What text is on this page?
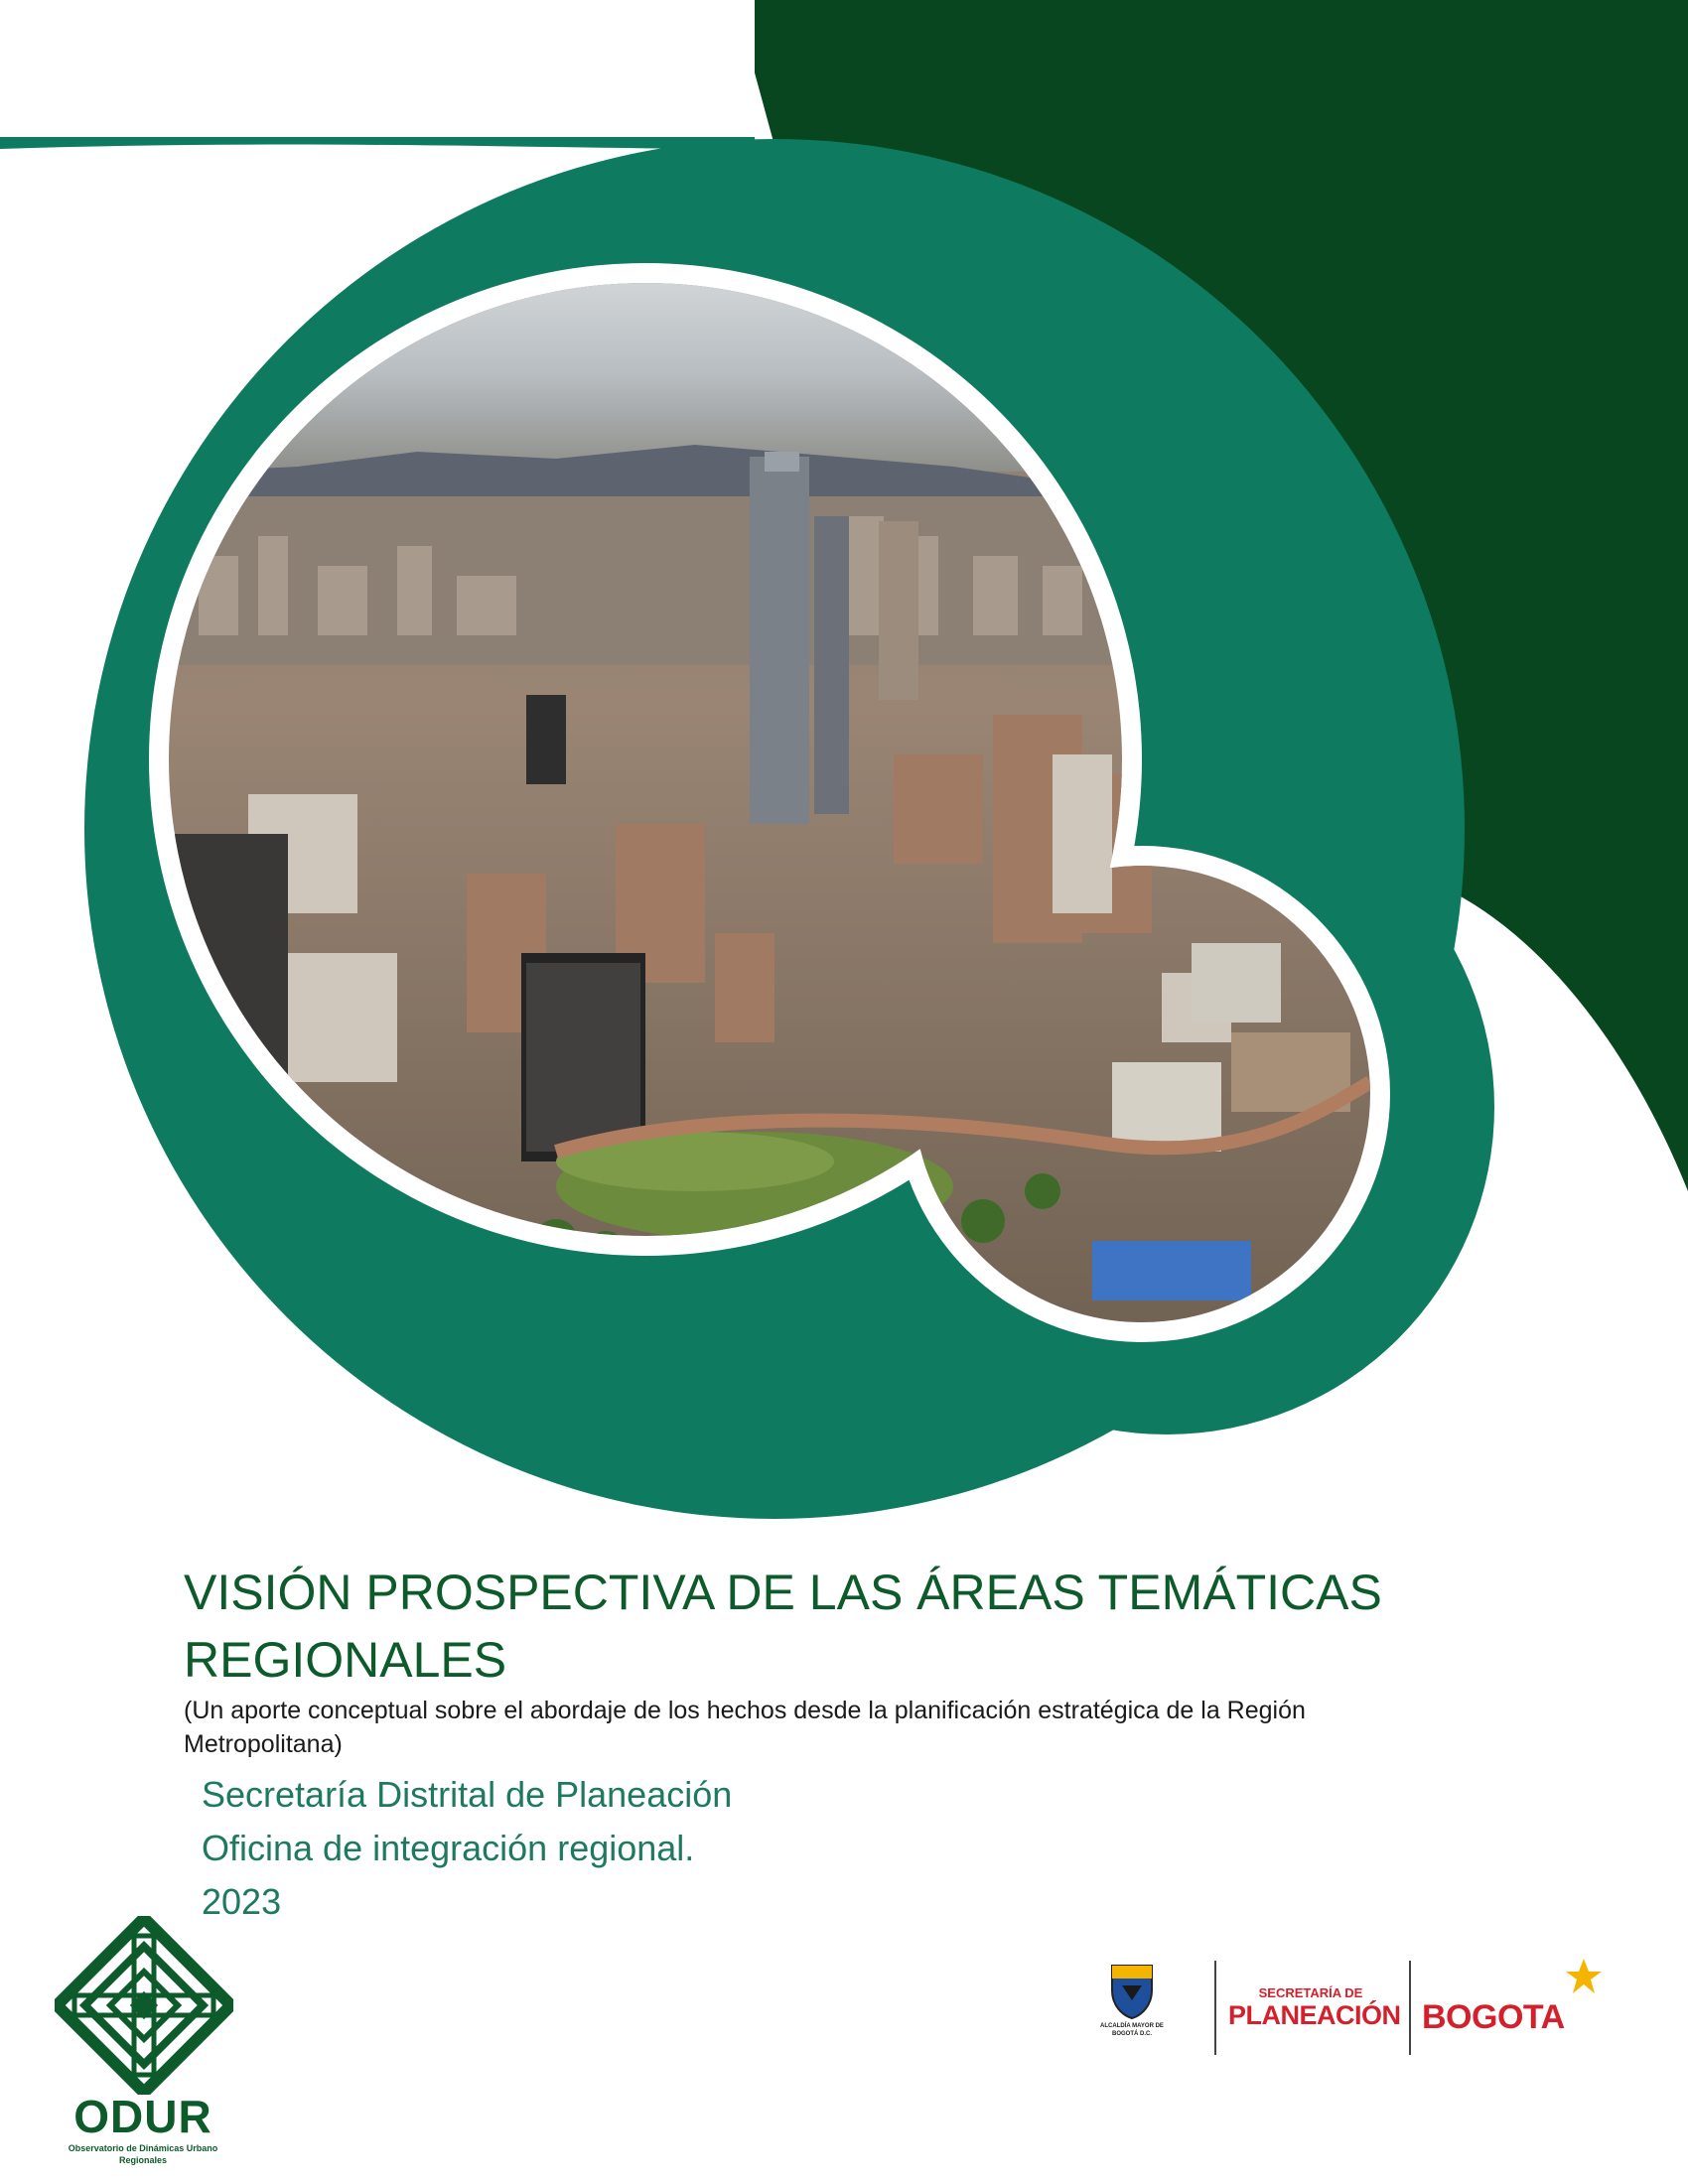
VISIÓN PROSPECTIVA DE LAS ÁREAS TEMÁTICAS REGIONALES

(Un aporte conceptual sobre el abordaje de los hechos desde la planificación estratégica de la Región Metropolitana)

Secretaría Distrital de Planeación
Oficina de integración regional.
2023
ODUR
Observatorio de Dinámicas Urbano Regionales
ALCALDÍA MAYOR DE BOGOTÁ D.C.
SECRETARÍA DE
PLANEACIÓN BOGOTA
